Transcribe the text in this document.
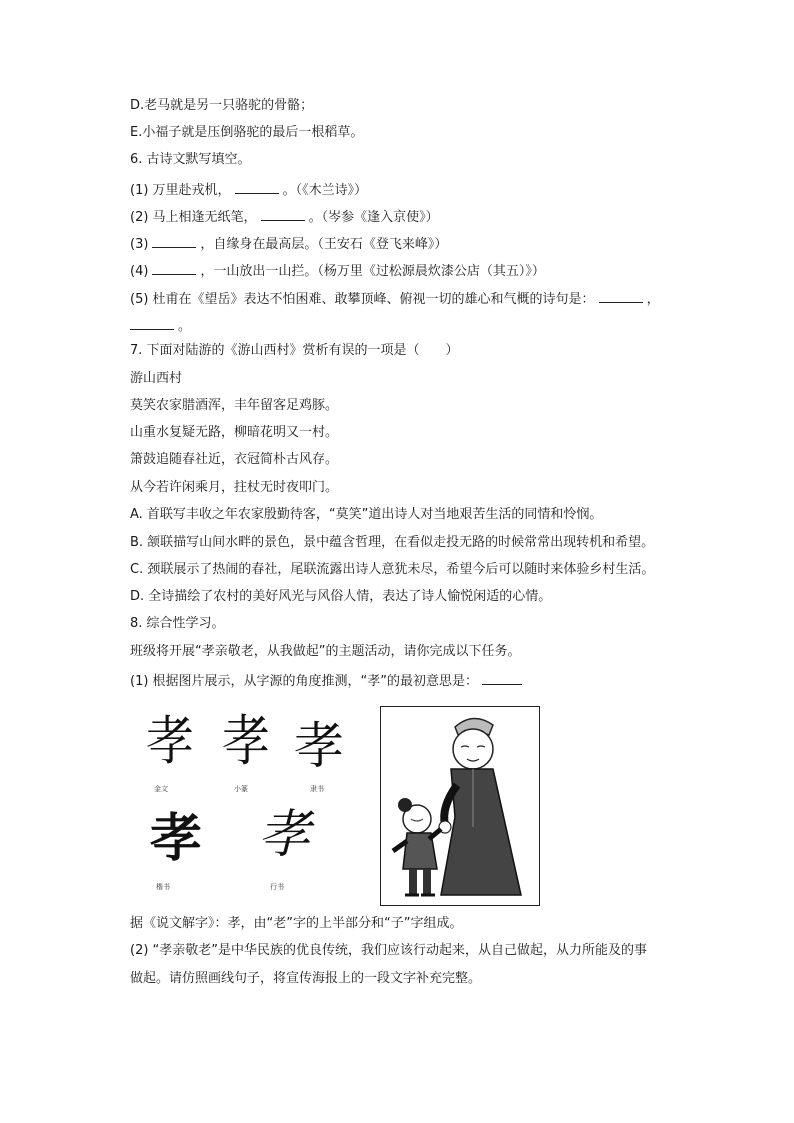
D.老马就是另一只骆驼的骨骼；
E.小福子就是压倒骆驼的最后一根稻草。
6. 古诗文默写填空。
(1) 万里赴戎机，	。（《木兰诗》）
(2) 马上相逢无纸笔，	。（岑参《逢入京使》）
(3)	，自缘身在最高层。（王安石《登飞来峰》）
(4)	，一山放出一山拦。（杨万里《过松源晨炊漆公店（其五）》）
(5) 杜甫在《望岳》表达不怕困难、敢攀顶峰、俯视一切的雄心和气概的诗句是：	，
。
7. 下面对陆游的《游山西村》赏析有误的一项是（　　）
游山西村
莫笑农家腊酒浑，丰年留客足鸡豚。
山重水复疑无路，柳暗花明又一村。
箫鼓追随春社近，衣冠简朴古风存。
从今若许闲乘月，拄杖无时夜叩门。
A. 首联写丰收之年农家殷勤待客，“莫笑”道出诗人对当地艰苦生活的同情和怜悯。
B. 颔联描写山间水畔的景色，景中蕴含哲理，在看似走投无路的时候常常出现转机和希望。
C. 颈联展示了热闹的春社，尾联流露出诗人意犹未尽，希望今后可以随时来体验乡村生活。
D. 全诗描绘了农村的美好风光与风俗人情，表达了诗人愉悦闲适的心情。
8. 综合性学习。
班级将开展“孝亲敬老，从我做起”的主题活动，请你完成以下任务。
(1) 根据图片展示，从字源的角度推测，“孝”的最初意思是：
孝 孝 孝
金文	小篆	隶书
孝 孝
楷书	行书
据《说文解字》：孝，由“老”字的上半部分和“子”字组成。
(2) “孝亲敬老”是中华民族的优良传统，我们应该行动起来，从自己做起，从力所能及的事
做起。请仿照画线句子，将宣传海报上的一段文字补充完整。
